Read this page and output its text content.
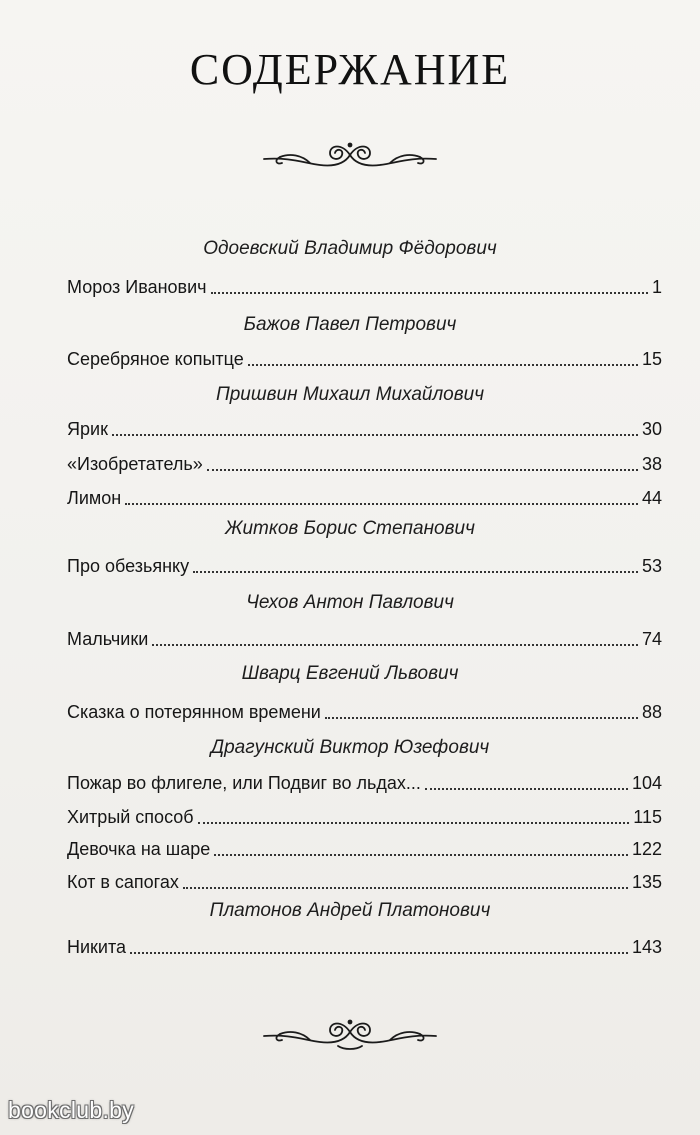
СОДЕРЖАНИЕ
Одоевский Владимир Фёдорович
Мороз Иванович	1
Бажов Павел Петрович
Серебряное копытце	15
Пришвин Михаил Михайлович
Ярик	30
«Изобретатель»	38
Лимон	44
Житков Борис Степанович
Про обезьянку	53
Чехов Антон Павлович
Мальчики	74
Шварц Евгений Львович
Сказка о потерянном времени	88
Драгунский Виктор Юзефович
Пожар во флигеле, или Подвиг во льдах...	104
Хитрый способ	115
Девочка на шаре	122
Кот в сапогах	135
Платонов Андрей Платонович
Никита	143
bookclub.by
